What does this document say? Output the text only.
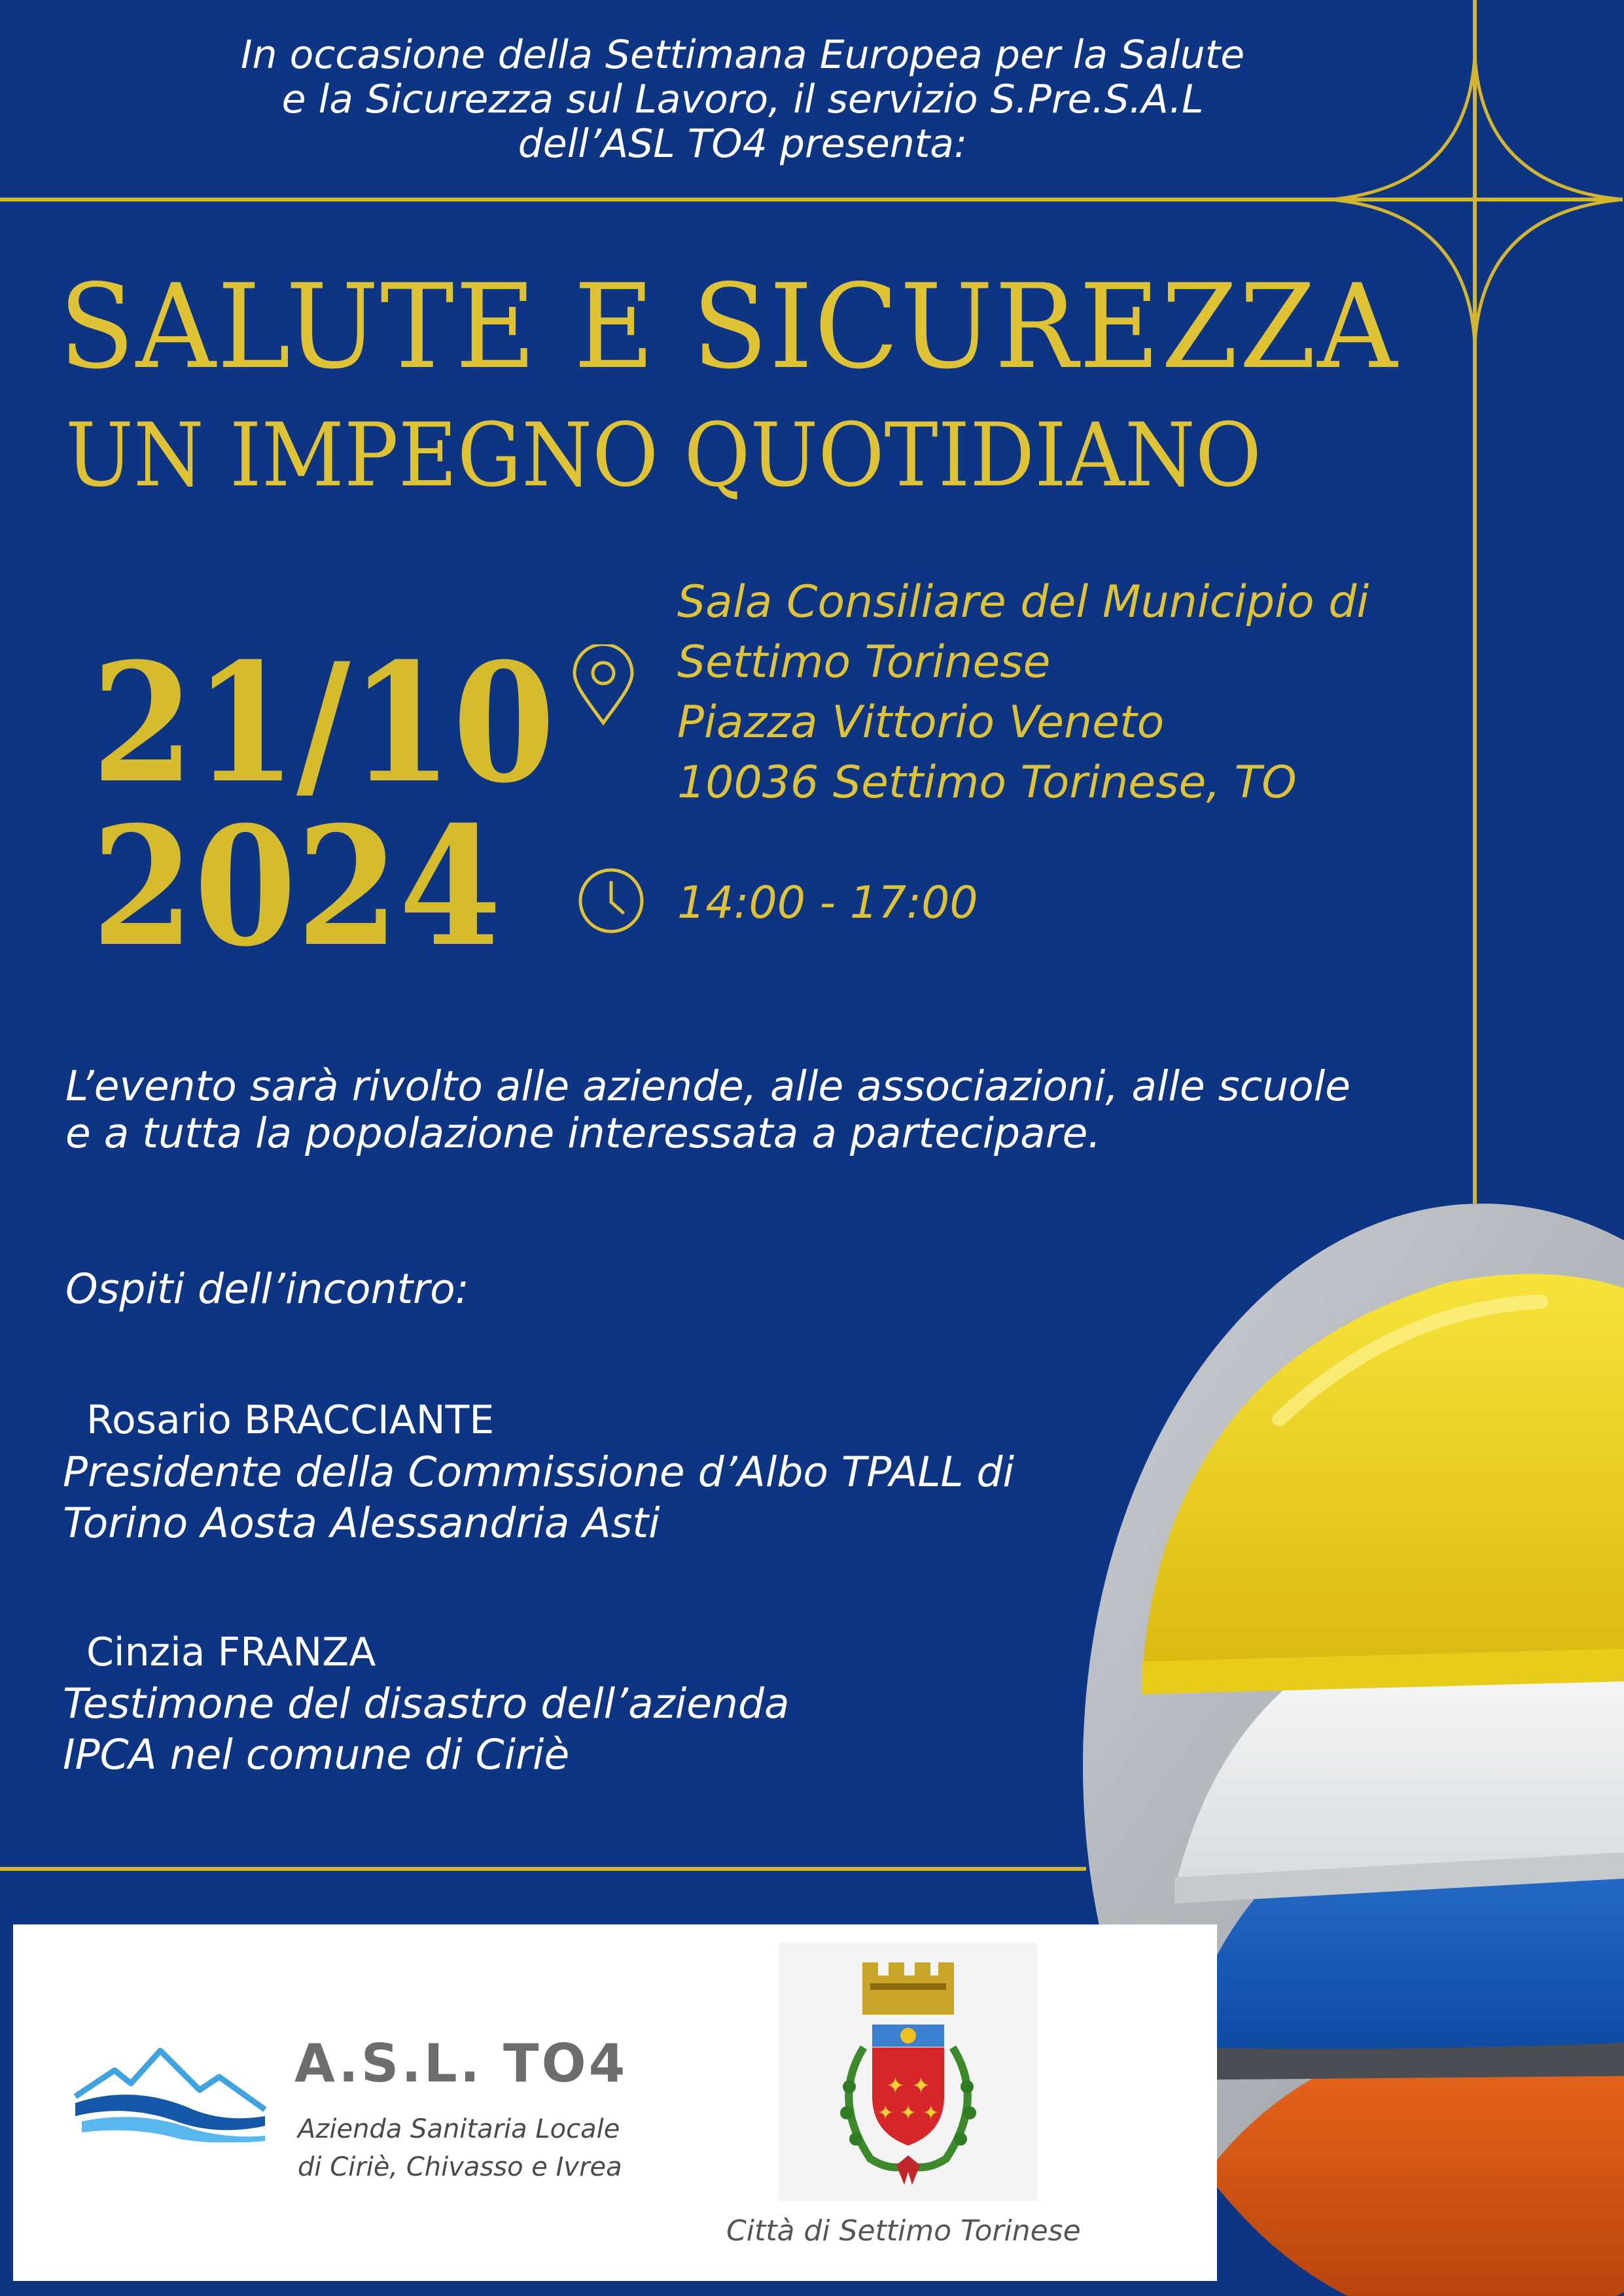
In occasione della Settimana Europea per la Salute
e la Sicurezza sul Lavoro, il servizio S.Pre.S.A.L
dell’ASL TO4 presenta:
SALUTE E SICUREZZA
UN IMPEGNO QUOTIDIANO
21/10
2024
Sala Consiliare del Municipio di
Settimo Torinese
Piazza Vittorio Veneto
10036 Settimo Torinese, TO
14:00 - 17:00
L’evento sarà rivolto alle aziende, alle associazioni, alle scuole
e a tutta la popolazione interessata a partecipare.
Ospiti dell’incontro:
Rosario BRACCIANTE
Presidente della Commissione d’Albo TPALL di
Torino Aosta Alessandria Asti
Cinzia FRANZA
Testimone del disastro dell’azienda
IPCA nel comune di Ciriè
A.S.L. TO4
Azienda Sanitaria Locale
di Ciriè, Chivasso e Ivrea
✦ ✦
✦ ✦ ✦
Città di Settimo Torinese
